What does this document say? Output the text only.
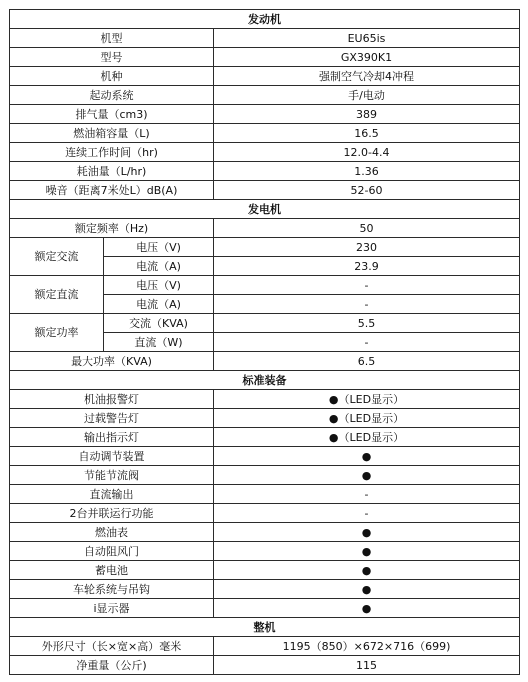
发动机		
机型		EU65is
型号		GX390K1
机种		强制空气冷却4冲程
起动系统		手/电动
排气量（cm3)		389
燃油箱容量（L)		16.5
连续工作时间（hr)		12.0-4.4
耗油量（L/hr)		1.36
噪音（距离7米处L）dB(A)		52-60
发电机		
额定频率（Hz)		50
额定交流	电压（V)	230
	电流（A)	23.9
额定直流	电压（V)	-
	电流（A)	-
额定功率	交流（KVA)	5.5
	直流（W)	-
最大功率（KVA)		6.5
标准装备		
机油报警灯		●（LED显示）
过载警告灯		●（LED显示）
输出指示灯		●（LED显示）
自动调节装置		●
节能节流阀		●
直流输出		-
2台并联运行功能		-
燃油表		●
自动阻风门		●
蓄电池		●
车轮系统与吊钩		●
i显示器		●
整机		
外形尺寸（长×宽×高）毫米		1195（850）×672×716（699)
净重量（公斤)		115
